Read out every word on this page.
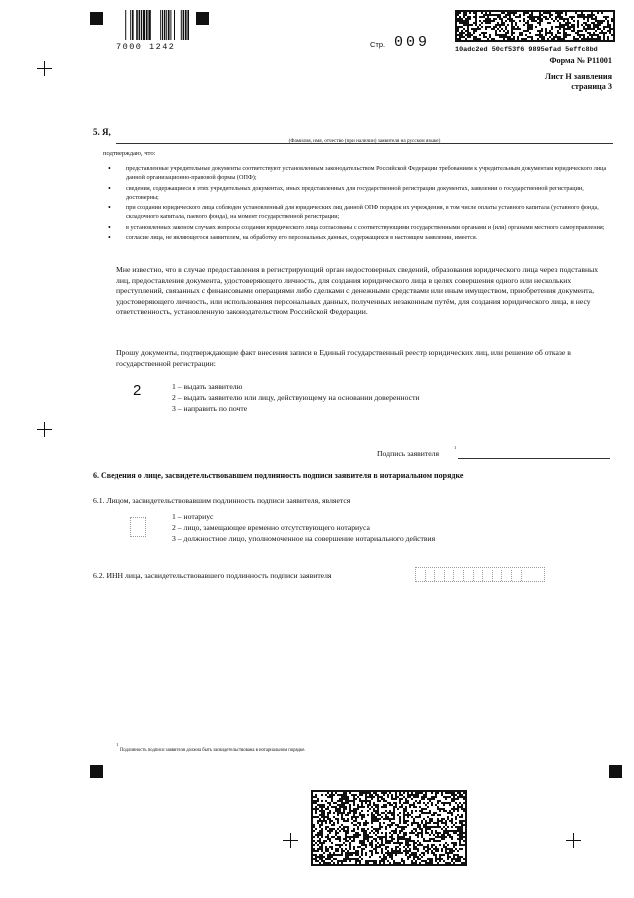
7000 1242	Стр. 009	10adc2ed 50cf53f6 9895efad 5effc8bd
Форма № Р11001
Лист Н заявления
страница 3
5. Я,
(Фамилия, имя, отчество (при наличии) заявителя на русском языке)
подтверждаю, что:
• представленные учредительные документы соответствуют установленным законодательством Российской Федерации требованиям к учредительным документам юридического лица данной организационно-правовой формы (ОПФ);
• сведения, содержащиеся в этих учредительных документах, иных представленных для государственной регистрации документах, заявлении о государственной регистрации, достоверны;
• при создании юридического лица соблюден установленный для юридических лиц данной ОПФ порядок их учреждения, в том числе оплаты уставного капитала (уставного фонда, складочного капитала, паевого фонда), на момент государственной регистрации;
• в установленных законом случаях вопросы создания юридического лица согласованы с соответствующими государственными органами и (или) органами местного самоуправления;
• согласие лица, не являющегося заявителем, на обработку его персональных данных, содержащихся в настоящем заявлении, имеется.
Мне известно, что в случае предоставления в регистрирующий орган недостоверных сведений, образования юридического лица через подставных лиц, предоставления документа, удостоверяющего личность, для создания юридического лица в целях совершения одного или нескольких преступлений, связанных с финансовыми операциями либо сделками с денежными средствами или иным имуществом, приобретения документа, удостоверяющего личность, или использования персональных данных, полученных незаконным путём, для создания юридического лица, я несу ответственность, установленную законодательством Российской Федерации.
Прошу документы, подтверждающие факт внесения записи в Единый государственный реестр юридических лиц, или решение об отказе в государственной регистрации:
2	1 – выдать заявителю
2 – выдать заявителю или лицу, действующему на основании доверенности
3 – направить по почте
Подпись заявителя
1
6. Сведения о лице, засвидетельствовавшем подлинность подписи заявителя в нотариальном порядке
6.1. Лицом, засвидетельствовавшим подлинность подписи заявителя, является
1 – нотариус
2 – лицо, замещающее временно отсутствующего нотариуса
3 – должностное лицо, уполномоченное на совершение нотариального действия
6.2. ИНН лица, засвидетельствовавшего подлинность подписи заявителя
1
Подлинность подписи заявителя должна быть засвидетельствована в нотариальном порядке.
